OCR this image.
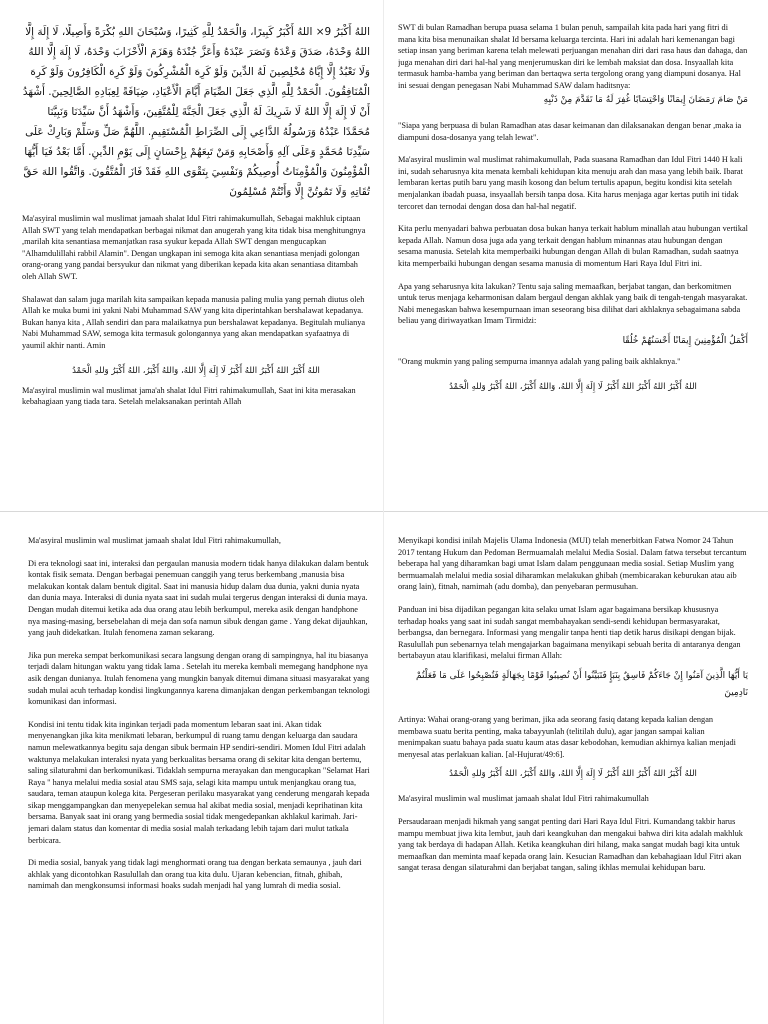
اللهُ أَكْبَرُ 9× اللهُ أَكْبَرُ كَبِيرًا، وَالْحَمْدُ لِلَّهِ كَثِيرًا، وَسُبْحَانَ اللهِ بُكْرَةً وَأَصِيلًا، لَا إِلَهَ إِلَّا اللهُ وَحْدَهُ، صَدَقَ وَعْدَهُ وَنَصَرَ عَبْدَهُ وَأَعَزَّ جُنْدَهُ وَهَزَمَ الْأَحْزَابَ وَحْدَهُ، لَا إِلَهَ إِلَّا اللهُ وَلَا نَعْبُدُ إِلَّا إِيَّاهُ مُخْلِصِينَ لَهُ الدِّينَ وَلَوْ كَرِهَ الْمُشْرِكُونَ وَلَوْ كَرِهَ الْكَافِرُونَ وَلَوْ كَرِهَ الْمُنَافِقُونَ. الْحَمْدُ لِلَّهِ الَّذِي جَعَلَ الصِّيَامَ أَيَّامَ الْأَعْيَادِ، ضِيَافَةً لِعِبَادِهِ الصَّالِحِينَ. أَشْهَدُ أَنْ لَا إِلَهَ إِلَّا اللهُ لَا شَرِيكَ لَهُ الَّذِي جَعَلَ الْجَنَّةَ لِلْمُتَّقِينَ، وَأَشْهَدُ أَنَّ سَيِّدَنَا وَنَبِيَّنَا مُحَمَّدًا عَبْدُهُ وَرَسُولُهُ الدَّاعِي إِلَى الصِّرَاطِ الْمُسْتَقِيمِ. اللَّهُمَّ صَلِّ وَسَلِّمْ وَبَارِكْ عَلَى سَيِّدِنَا مُحَمَّدٍ وَعَلَى آلِهِ وَأَصْحَابِهِ وَمَنْ تَبِعَهُمْ بِإِحْسَانٍ إِلَى يَوْمِ الدِّينِ. أَمَّا بَعْدُ فَيَا أَيُّهَا الْمُؤْمِنُونَ وَالْمُؤْمِنَاتُ أُوصِيكُمْ وَنَفْسِيَ بِتَقْوَى اللهِ فَقَدْ فَازَ الْمُتَّقُونَ. وَاتَّقُوا اللهَ حَقَّ تُقَاتِهِ وَلَا تَمُوتُنَّ إِلَّا وَأَنْتُمْ مُسْلِمُونَ

Ma'asyiral muslimin wal muslimat jamaah shalat Idul Fitri rahimakumullah, Sebagai makhluk ciptaan Allah SWT yang telah mendapatkan berbagai nikmat dan anugerah yang kita tidak bisa menghitungnya ,marilah kita senantiasa memanjatkan rasa syukur kepada Allah SWT dengan mengucapkan "Alhamdulillahi rabbil Alamin". Dengan ungkapan ini semoga kita akan senantiasa menjadi golongan orang-orang yang pandai bersyukur dan nikmat yang diberikan kepada kita akan senantiasa ditambah oleh Allah SWT.

Shalawat dan salam juga marilah kita sampaikan kepada manusia paling mulia yang pernah diutus oleh Allah ke muka bumi ini yakni Nabi Muhammad SAW yang kita diperintahkan bershalawat kepadanya. Bukan hanya kita , Allah sendiri dan para malaikatnya pun bershalawat kepadanya. Begitulah mulianya Nabi Muhammad SAW, semoga kita termasuk golongannya yang akan mendapatkan syafaatnya di yaumil akhir nanti. Amin

اللهُ أَكْبَرُ اللهُ أَكْبَرُ اللهُ أَكْبَرُ لَا إِلَهَ إِلَّا اللهُ، وَاللهُ أَكْبَرُ، اللهُ أَكْبَرُ وَللهِ الْحَمْدُ

Ma'asyiral muslimin wal muslimat jama'ah shalat Idul Fitri rahimakumullah, Saat ini kita merasakan kebahagiaan yang tiada tara. Setelah melaksanakan perintah Allah

SWT di bulan Ramadhan berupa puasa selama 1 bulan penuh, sampailah kita pada hari yang fitri di mana kita bisa menunaikan shalat Id bersama keluarga tercinta. Hari ini adalah hari kemenangan bagi setiap insan yang beriman karena telah melewati perjuangan menahan diri dari rasa haus dan dahaga, dan juga menahan diri dari hal-hal yang menjerumuskan diri ke lembah maksiat dan dosa. Insyaallah kita termasuk hamba-hamba yang beriman dan bertaqwa serta tergolong orang yang diampuni dosanya. Hal ini sesuai dengan penegasan Nabi Muhammad SAW dalam haditsnya:

مَنْ صَامَ رَمَضَانَ إِيمَانًا وَاحْتِسَابًا غُفِرَ لَهُ مَا تَقَدَّمَ مِنْ ذَنْبِهِ

"Siapa yang berpuasa di bulan Ramadhan atas dasar keimanan dan dilaksanakan dengan benar ,maka ia diampuni dosa-dosanya yang telah lewat".

Ma'asyiral muslimin wal muslimat rahimakumullah, Pada suasana Ramadhan dan Idul Fitri 1440 H kali ini, sudah seharusnya kita menata kembali kehidupan kita menuju arah dan masa yang lebih baik. Ibarat lembaran kertas putih baru yang masih kosong dan belum tertulis apapun, begitu kondisi kita setelah menjalankan ibadah puasa, insyaallah bersih tanpa dosa. Kita harus menjaga agar kertas putih ini tidak tercoret dan ternodai dengan dosa dan hal-hal negatif.

Kita perlu menyadari bahwa perbuatan dosa bukan hanya terkait hablum minallah atau hubungan vertikal kepada Allah. Namun dosa juga ada yang terkait dengan hablum minannas atau hubungan dengan sesama manusia. Setelah kita memperbaiki hubungan dengan Allah di bulan Ramadhan, sudah saatnya kita memperbaiki hubungan dengan sesama manusia di momentum Hari Raya Idul Fitri ini.

Apa yang seharusnya kita lakukan? Tentu saja saling memaafkan, berjabat tangan, dan berkomitmen untuk terus menjaga keharmonisan dalam bergaul dengan akhlak yang baik di tengah-tengah masyarakat. Nabi menegaskan bahwa kesempurnaan iman seseorang bisa dilihat dari akhlaknya sebagaimana sabda beliau yang diriwayatkan Imam Tirmidzi:

أَكْمَلُ الْمُؤْمِنِينَ إِيمَانًا أَحْسَنُهُمْ خُلُقًا

"Orang mukmin yang paling sempurna imannya adalah yang paling baik akhlaknya."

اللهُ أَكْبَرُ اللهُ أَكْبَرُ اللهُ أَكْبَرُ لَا إِلَهَ إِلَّا اللهُ، وَاللهُ أَكْبَرُ، اللهُ أَكْبَرُ وَللهِ الْحَمْدُ

Ma'asyiral muslimin wal muslimat jamaah shalat Idul Fitri rahimakumullah,

Di era teknologi saat ini, interaksi dan pergaulan manusia modern tidak hanya dilakukan dalam bentuk kontak fisik semata. Dengan berbagai penemuan canggih yang terus berkembang ,manusia bisa melakukan kontak dalam bentuk digital. Saat ini manusia hidup dalam dua dunia, yakni dunia nyata dan dunia maya. Interaksi di dunia nyata saat ini sudah mulai tergerus dengan interaksi di dunia maya. Dengan mudah ditemui ketika ada dua orang atau lebih berkumpul, mereka asik dengan handphone nya masing-masing, bersebelahan di meja dan sofa namun sibuk dengan game . Yang dekat dijauhkan, yang jauh didekatkan. Itulah fenomena zaman sekarang.

Jika pun mereka sempat berkomunikasi secara langsung dengan orang di sampingnya, hal itu biasanya terjadi dalam hitungan waktu yang tidak lama . Setelah itu mereka kembali memegang handphone nya asik dengan dunianya. Itulah fenomena yang mungkin banyak ditemui dimana situasi masyarakat yang sudah mulai acuh terhadap kondisi lingkungannya karena dimanjakan dengan perkembangan teknologi komunikasi dan informasi.

Kondisi ini tentu tidak kita inginkan terjadi pada momentum lebaran saat ini. Akan tidak menyenangkan jika kita menikmati lebaran, berkumpul di ruang tamu dengan keluarga dan saudara namun melewatkannya begitu saja dengan sibuk bermain HP sendiri-sendiri. Momen Idul Fitri adalah waktunya melakukan interaksi nyata yang berkualitas bersama orang di sekitar kita dengan bertemu, saling silaturahmi dan berkomunikasi. Tidaklah sempurna merayakan dan mengucapkan "Selamat Hari Raya " hanya melalui media sosial atau SMS saja, selagi kita mampu untuk menjangkau orang tua, saudara, teman ataupun kolega kita. Pergeseran perilaku masyarakat yang cenderung mengarah kepada sikap menggampangkan dan menyepelekan semua hal akibat media sosial, menjadi keprihatinan kita bersama. Banyak saat ini orang yang bermedia sosial tidak mengedepankan akhlakul karimah. Jari-jemari dalam status dan komentar di media sosial malah terkadang lebih tajam dari mulut tatkala berbicara.

Di media sosial, banyak yang tidak lagi menghormati orang tua dengan berkata semaunya , jauh dari akhlak yang dicontohkan Rasulullah dan orang tua kita dulu. Ujaran kebencian, fitnah, ghibah, namimah dan mengkonsumsi informasi hoaks sudah menjadi hal yang lumrah di media sosial.

Menyikapi kondisi inilah Majelis Ulama Indonesia (MUI) telah menerbitkan Fatwa Nomor 24 Tahun 2017 tentang Hukum dan Pedoman Bermuamalah melalui Media Sosial. Dalam fatwa tersebut tercantum beberapa hal yang diharamkan bagi umat Islam dalam penggunaan media sosial. Setiap Muslim yang bermuamalah melalui media sosial diharamkan melakukan ghibah (membicarakan keburukan atau aib orang lain), fitnah, namimah (adu domba), dan penyebaran permusuhan.

Panduan ini bisa dijadikan pegangan kita selaku umat Islam agar bagaimana bersikap khususnya terhadap hoaks yang saat ini sudah sangat membahayakan sendi-sendi kehidupan bermasyarakat, berbangsa, dan bernegara. Informasi yang mengalir tanpa henti tiap detik harus disikapi dengan bijak. Rasulullah pun sebenarnya telah mengajarkan bagaimana menyikapi sebuah berita di antaranya dengan bertabayun atau klarifikasi, melalui firman Allah:

يَا أَيُّهَا الَّذِينَ آمَنُوا إِنْ جَاءَكُمْ فَاسِقٌ بِنَبَإٍ فَتَبَيَّنُوا أَنْ تُصِيبُوا قَوْمًا بِجَهَالَةٍ فَتُصْبِحُوا عَلَى مَا فَعَلْتُمْ نَادِمِينَ

Artinya: Wahai orang-orang yang beriman, jika ada seorang fasiq datang kepada kalian dengan membawa suatu berita penting, maka tabayyunlah (telitilah dulu), agar jangan sampai kalian menimpakan suatu bahaya pada suatu kaum atas dasar kebodohan, kemudian akhirnya kalian menjadi menyesal atas perlakuan kalian. [al-Hujurat/49:6].

اللهُ أَكْبَرُ اللهُ أَكْبَرُ اللهُ أَكْبَرُ لَا إِلَهَ إِلَّا اللهُ، وَاللهُ أَكْبَرُ، اللهُ أَكْبَرُ وَللهِ الْحَمْدُ

Ma'asyiral muslimin wal muslimat jamaah shalat Idul Fitri rahimakumullah

Persaudaraan menjadi hikmah yang sangat penting dari Hari Raya Idul Fitri. Kumandang takbir harus mampu membuat jiwa kita lembut, jauh dari keangkuhan dan mengakui bahwa diri kita adalah makhluk yang tak berdaya di hadapan Allah. Ketika keangkuhan diri hilang, maka sangat mudah bagi kita untuk memaafkan dan meminta maaf kepada orang lain. Kesucian Ramadhan dan kebahagiaan Idul Fitri akan sangat terasa dengan silaturahmi dan berjabat tangan, saling ikhlas memulai kehidupan baru.
